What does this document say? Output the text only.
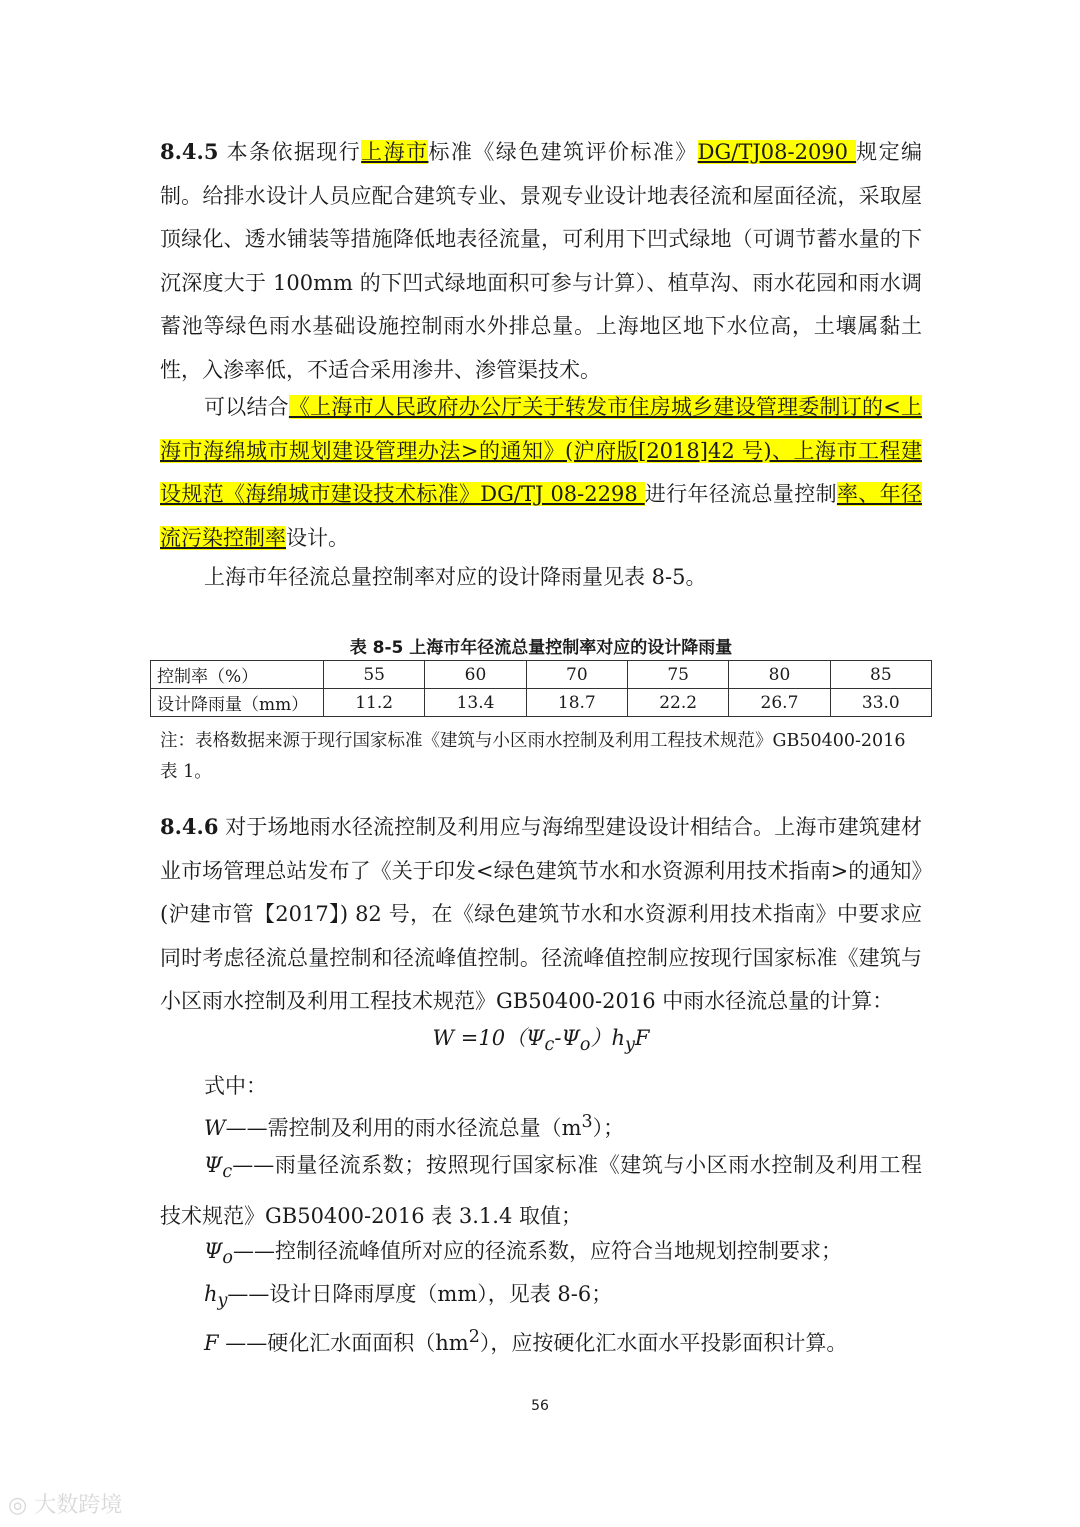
8.4.5 本条依据现行上海市标准《绿色建筑评价标准》DG/TJ08-2090 规定编制。给排水设计人员应配合建筑专业、景观专业设计地表径流和屋面径流，采取屋顶绿化、透水铺装等措施降低地表径流量，可利用下凹式绿地（可调节蓄水量的下沉深度大于 100mm 的下凹式绿地面积可参与计算）、植草沟、雨水花园和雨水调蓄池等绿色雨水基础设施控制雨水外排总量。上海地区地下水位高，土壤属黏土性，入渗率低，不适合采用渗井、渗管渠技术。

可以结合《上海市人民政府办公厅关于转发市住房城乡建设管理委制订的<上海市海绵城市规划建设管理办法>的通知》(沪府版[2018]42 号)、上海市工程建设规范《海绵城市建设技术标准》DG/TJ 08-2298 进行年径流总量控制率、年径流污染控制率设计。

上海市年径流总量控制率对应的设计降雨量见表 8-5。

表 8-5 上海市年径流总量控制率对应的设计降雨量
控制率（%）	55	60	70	75	80	85
设计降雨量（mm）	11.2	13.4	18.7	22.2	26.7	33.0

注：表格数据来源于现行国家标准《建筑与小区雨水控制及利用工程技术规范》GB50400-2016 表 1。

8.4.6 对于场地雨水径流控制及利用应与海绵型建设设计相结合。上海市建筑建材业市场管理总站发布了《关于印发<绿色建筑节水和水资源利用技术指南>的通知》(沪建市管【2017】) 82 号，在《绿色建筑节水和水资源利用技术指南》中要求应同时考虑径流总量控制和径流峰值控制。径流峰值控制应按现行国家标准《建筑与小区雨水控制及利用工程技术规范》GB50400-2016 中雨水径流总量的计算：

$W =10(\Psi_c-\Psi_o)h_yF$

式中：

W——需控制及利用的雨水径流总量$(m^3)$；

$\Psi_c——$雨量径流系数；按照现行国家标准《建筑与小区雨水控制及利用工程技术规范》GB50400-2016 表 3.1.4 取值；

$\Psi_o——$控制径流峰值所对应的径流系数，应符合当地规划控制要求；

$h_y——$设计日降雨厚度（mm），见表 8-6；

F ——硬化汇水面面积$(hm^2)$，应按硬化汇水面水平投影面积计算。

56
◎ 大数跨境
